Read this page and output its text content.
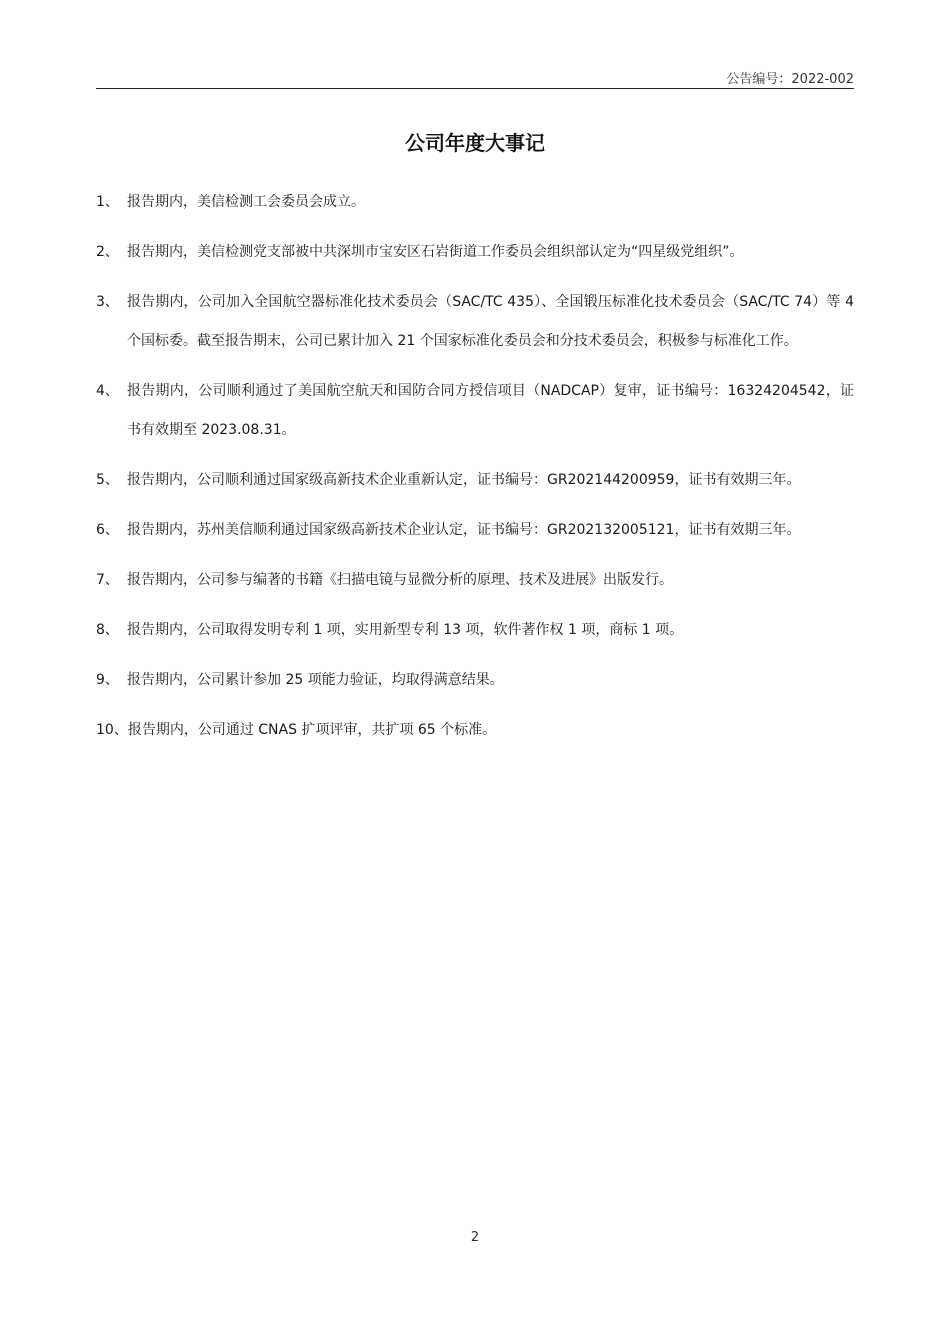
公告编号：2022-002
公司年度大事记
1、 报告期内，美信检测工会委员会成立。
2、 报告期内，美信检测党支部被中共深圳市宝安区石岩街道工作委员会组织部认定为“四星级党组织”。
3、 报告期内，公司加入全国航空器标准化技术委员会（SAC/TC 435）、全国锻压标准化技术委员会（SAC/TC 74）等 4 个国标委。截至报告期末，公司已累计加入 21 个国家标准化委员会和分技术委员会，积极参与标准化工作。
4、 报告期内，公司顺利通过了美国航空航天和国防合同方授信项目（NADCAP）复审，证书编号：16324204542，证书有效期至 2023.08.31。
5、 报告期内，公司顺利通过国家级高新技术企业重新认定，证书编号：GR202144200959，证书有效期三年。
6、 报告期内，苏州美信顺利通过国家级高新技术企业认定，证书编号：GR202132005121，证书有效期三年。
7、 报告期内，公司参与编著的书籍《扫描电镜与显微分析的原理、技术及进展》出版发行。
8、 报告期内，公司取得发明专利 1 项，实用新型专利 13 项，软件著作权 1 项，商标 1 项。
9、 报告期内，公司累计参加 25 项能力验证，均取得满意结果。
10、 报告期内，公司通过 CNAS 扩项评审，共扩项 65 个标准。
2
